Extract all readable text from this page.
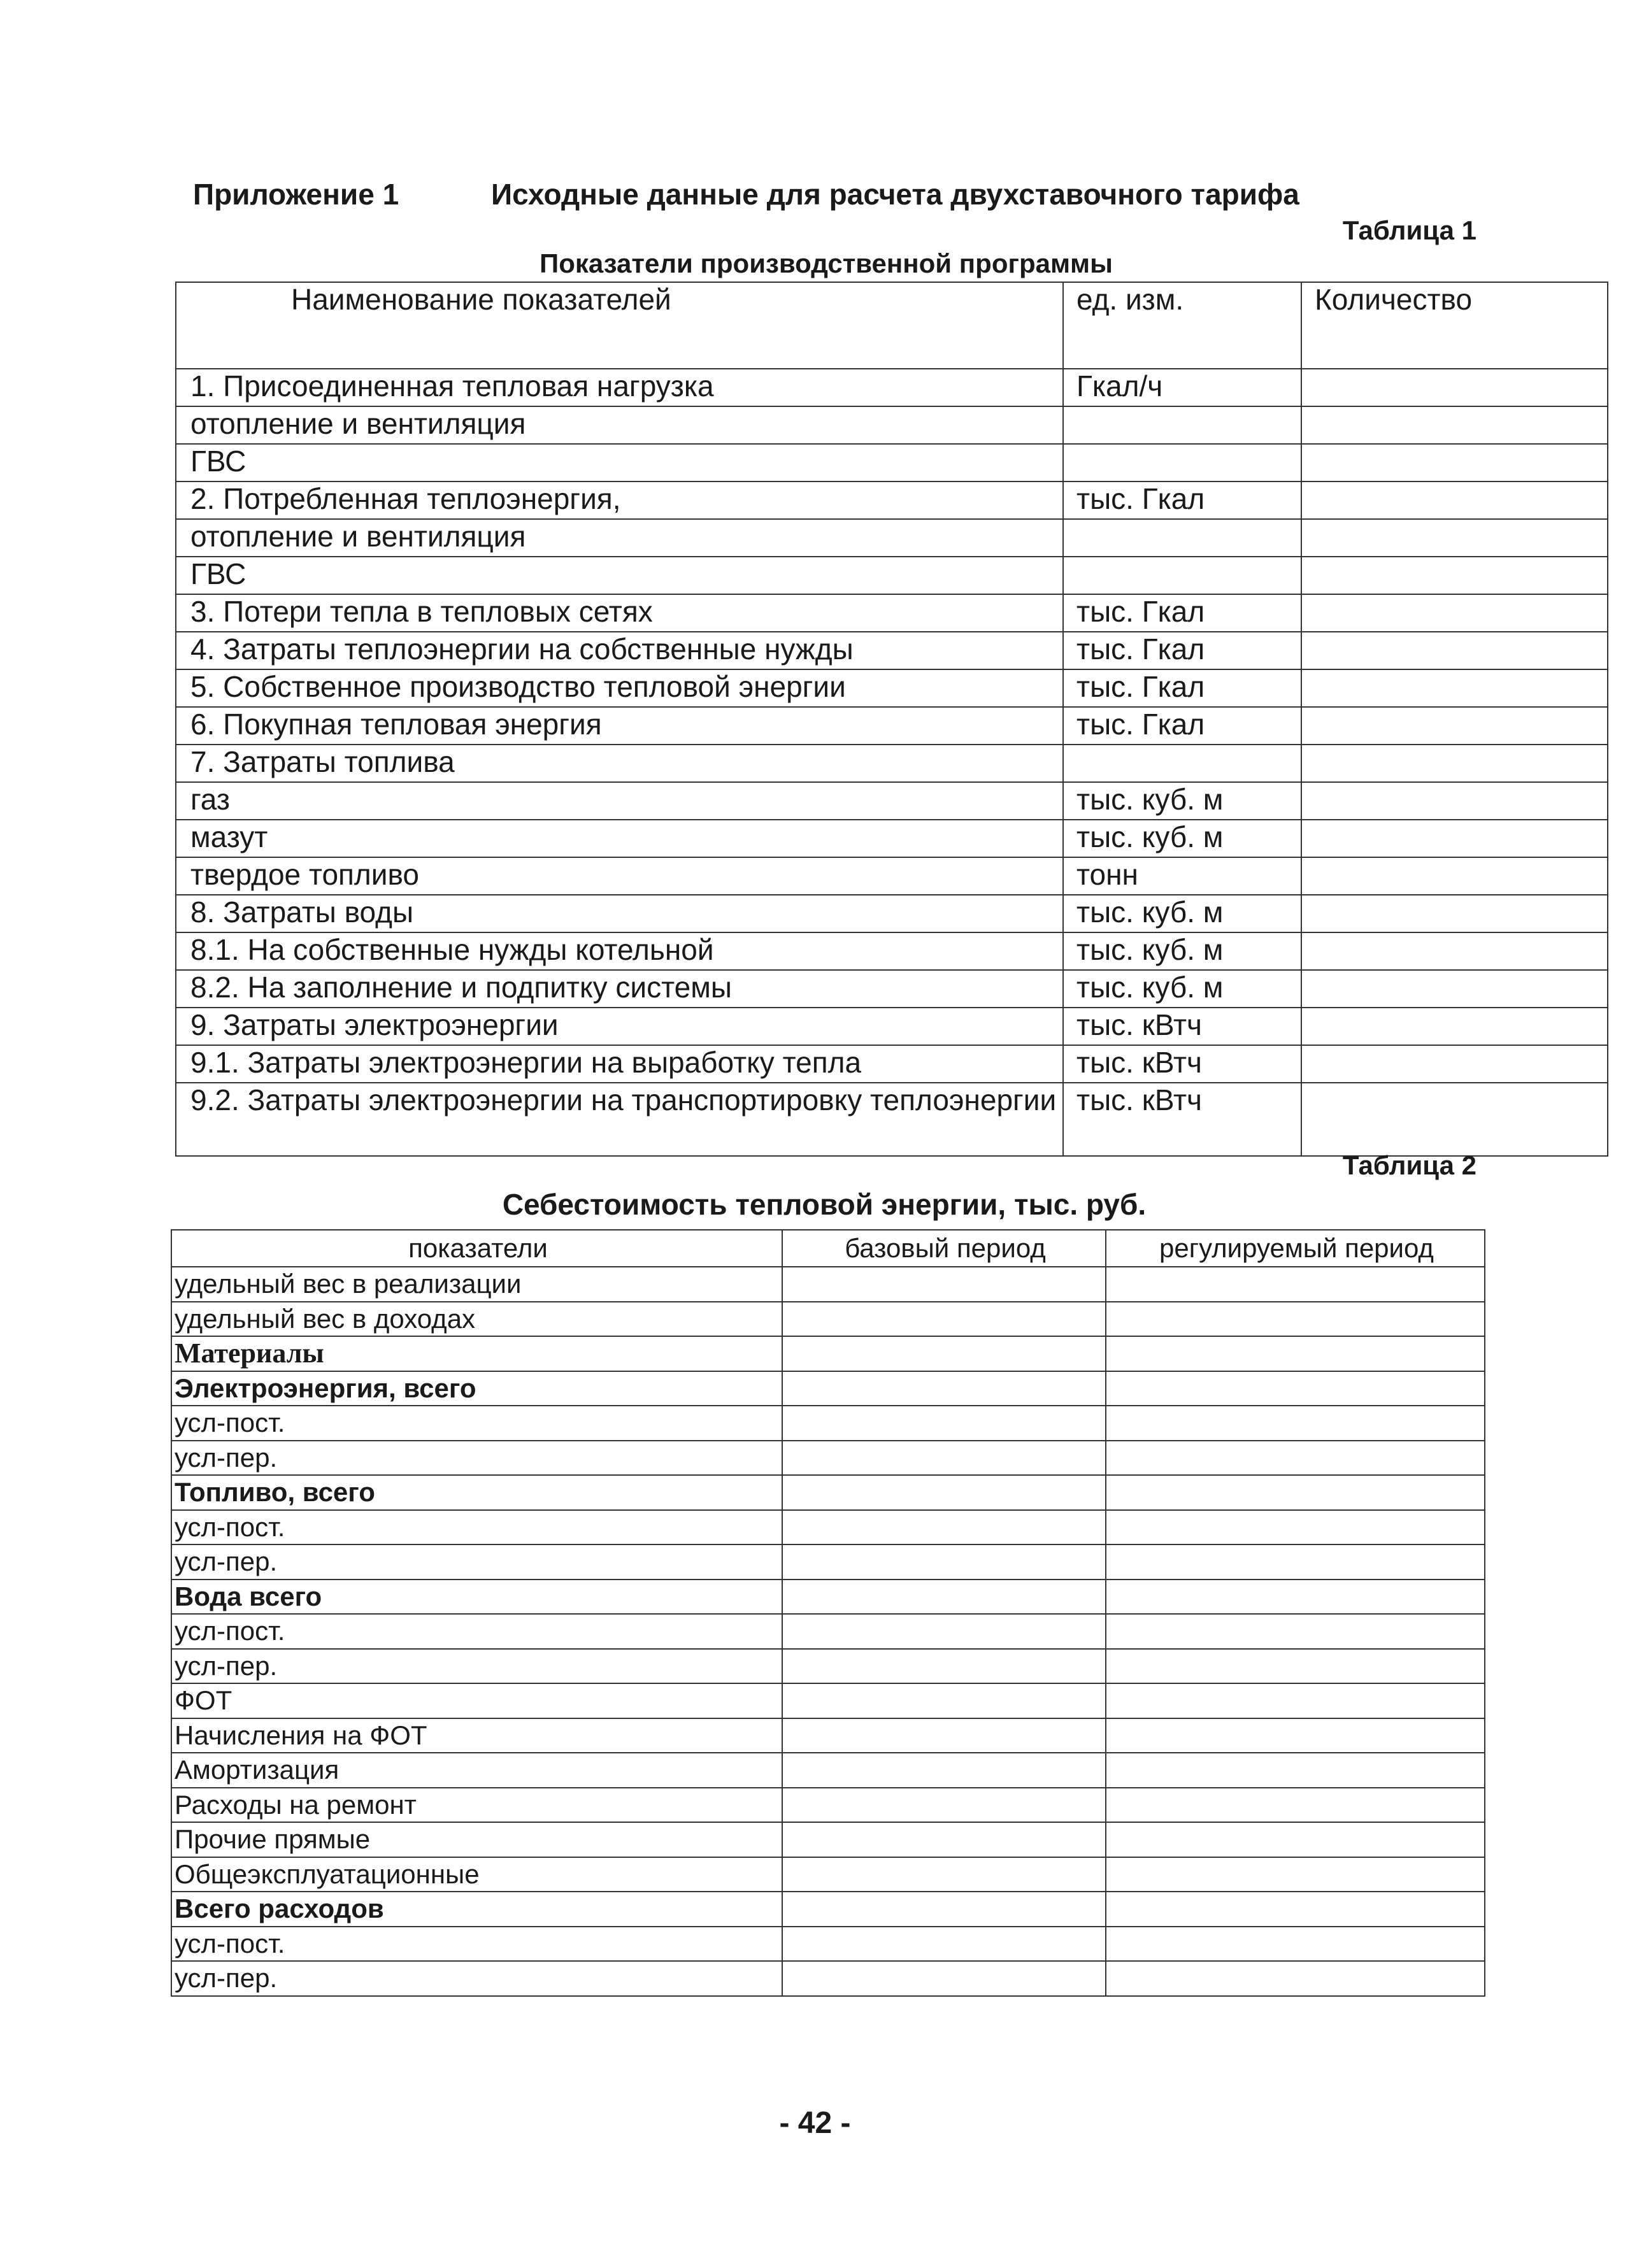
Приложение 1	Исходные данные для расчета двухставочного тарифа
Таблица 1
Показатели производственной программы
Наименование показателей	ед. изм.	Количество
1. Присоединенная тепловая нагрузка	Гкал/ч	
отопление и вентиляция		
ГВС		
2. Потребленная теплоэнергия,	тыс. Гкал	
отопление и вентиляция		
ГВС		
3. Потери тепла в тепловых сетях	тыс. Гкал	
4. Затраты теплоэнергии на собственные нужды	тыс. Гкал	
5. Собственное производство тепловой энергии	тыс. Гкал	
6. Покупная тепловая энергия	тыс. Гкал	
7. Затраты топлива		
газ	тыс. куб. м	
мазут	тыс. куб. м	
твердое топливо	тонн	
8. Затраты воды	тыс. куб. м	
8.1. На собственные нужды котельной	тыс. куб. м	
8.2. На заполнение и подпитку системы	тыс. куб. м	
9. Затраты электроэнергии	тыс. кВтч	
9.1. Затраты электроэнергии на выработку тепла	тыс. кВтч	
9.2. Затраты электроэнергии на транспортировку теплоэнергии	тыс. кВтч	
Таблица 2
Себестоимость тепловой энергии, тыс. руб.
показатели	базовый период	регулируемый период
удельный вес в реализации		
удельный вес в доходах		
Материалы		
Электроэнергия, всего		
усл-пост.		
усл-пер.		
Топливо, всего		
усл-пост.		
усл-пер.		
Вода всего		
усл-пост.		
усл-пер.		
ФОТ		
Начисления на ФОТ		
Амортизация		
Расходы на ремонт		
Прочие прямые		
Общеэксплуатационные		
Всего расходов		
усл-пост.		
усл-пер.		
- 42 -
